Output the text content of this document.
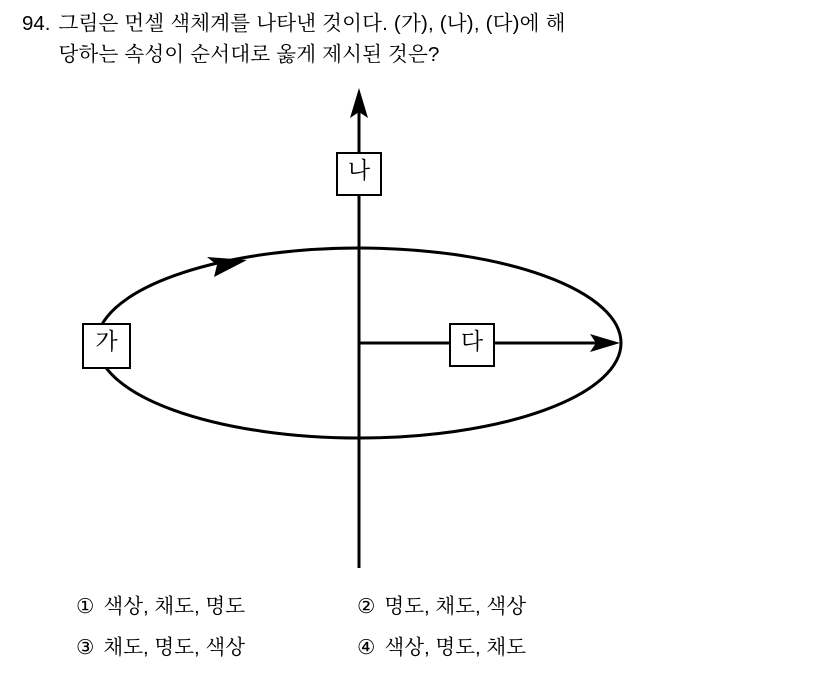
94. 그림은 먼셀 색체계를 나타낸 것이다. (가), (나), (다)에 해
당하는 속성이 순서대로 옳게 제시된 것은?
나
가	다
① 색상, 채도, 명도	② 명도, 채도, 색상
③ 채도, 명도, 색상	④ 색상, 명도, 채도
